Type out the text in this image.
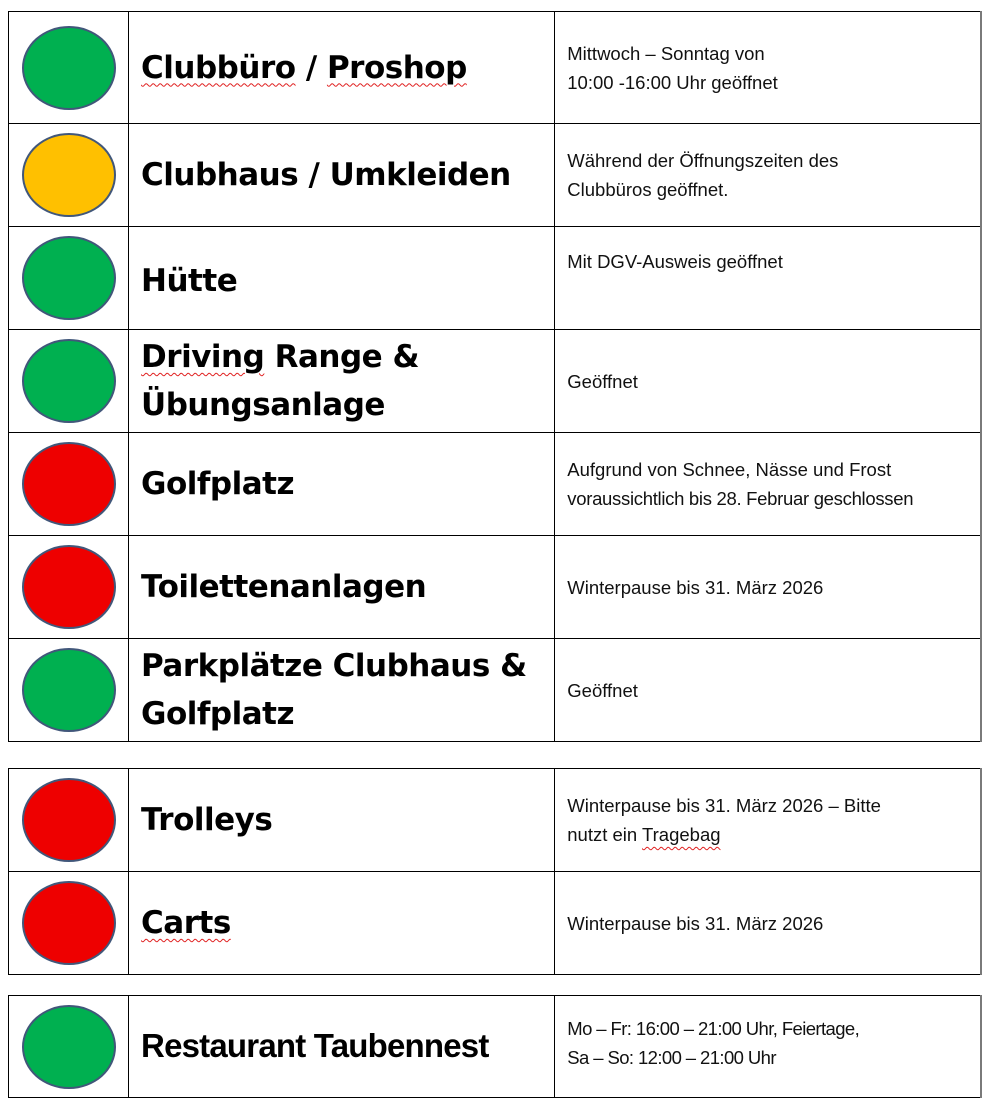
	Clubbüro / Proshop	Mittwoch – Sonntag von
10:00 -16:00 Uhr geöffnet

	Clubhaus / Umkleiden	Während der Öffnungszeiten des
Clubbüros geöffnet.

	Hütte	Mit DGV-Ausweis geöffnet

	Driving Range &
Übungsanlage	Geöffnet

	Golfplatz	Aufgrund von Schnee, Nässe und Frost
voraussichtlich bis 28. Februar geschlossen

	Toilettenanlagen	Winterpause bis 31. März 2026

	Parkplätze Clubhaus &
Golfplatz	Geöffnet
	Trolleys	Winterpause bis 31. März 2026 – Bitte
nutzt ein Tragebag

	Carts	Winterpause bis 31. März 2026
	Restaurant Taubennest	Mo – Fr: 16:00 – 21:00 Uhr, Feiertage,
Sa – So: 12:00 – 21:00 Uhr
